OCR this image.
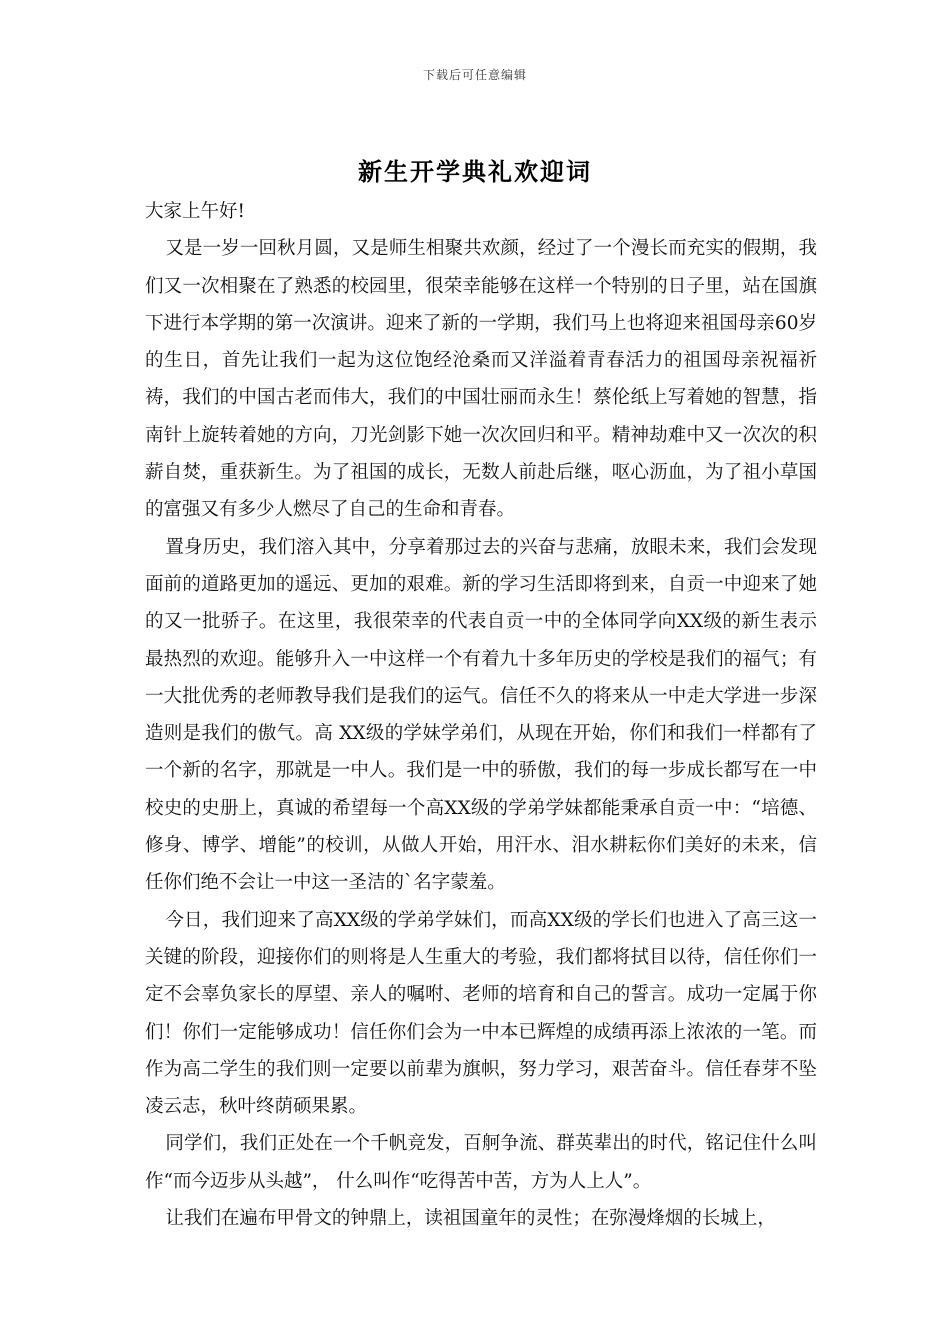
下载后可任意编辑
新生开学典礼欢迎词

大家上午好!

又是一岁一回秋月圆，又是师生相聚共欢颜，经过了一个漫长而充实的假期，我们又一次相聚在了熟悉的校园里，很荣幸能够在这样一个特别的日子里，站在国旗下进行本学期的第一次演讲。迎来了新的一学期，我们马上也将迎来祖国母亲60岁的生日，首先让我们一起为这位饱经沧桑而又洋溢着青春活力的祖国母亲祝福祈祷，我们的中国古老而伟大，我们的中国壮丽而永生！蔡伦纸上写着她的智慧，指南针上旋转着她的方向，刀光剑影下她一次次回归和平。精神劫难中又一次次的积薪自焚，重获新生。为了祖国的成长，无数人前赴后继，呕心沥血，为了祖小草国的富强又有多少人燃尽了自己的生命和青春。

置身历史，我们溶入其中，分享着那过去的兴奋与悲痛，放眼未来，我们会发现面前的道路更加的遥远、更加的艰难。新的学习生活即将到来，自贡一中迎来了她的又一批骄子。在这里，我很荣幸的代表自贡一中的全体同学向XX级的新生表示最热烈的欢迎。能够升入一中这样一个有着九十多年历史的学校是我们的福气；有一大批优秀的老师教导我们是我们的运气。信任不久的将来从一中走大学进一步深造则是我们的傲气。高 XX级的学妹学弟们，从现在开始，你们和我们一样都有了一个新的名字，那就是一中人。我们是一中的骄傲，我们的每一步成长都写在一中校史的史册上，真诚的希望每一个高XX级的学弟学妹都能秉承自贡一中：“培德、修身、博学、增能”的校训，从做人开始，用汗水、泪水耕耘你们美好的未来，信任你们绝不会让一中这一圣洁的`名字蒙羞。

今日，我们迎来了高XX级的学弟学妹们，而高XX级的学长们也进入了高三这一关键的阶段，迎接你们的则将是人生重大的考验，我们都将拭目以待，信任你们一定不会辜负家长的厚望、亲人的嘱咐、老师的培育和自己的誓言。成功一定属于你们！你们一定能够成功！信任你们会为一中本已辉煌的成绩再添上浓浓的一笔。而作为高二学生的我们则一定要以前辈为旗帜，努力学习，艰苦奋斗。信任春芽不坠凌云志，秋叶终荫硕果累。

同学们，我们正处在一个千帆竞发，百舸争流、群英辈出的时代，铭记住什么叫作“而今迈步从头越”， 什么叫作“吃得苦中苦，方为人上人”。

让我们在遍布甲骨文的钟鼎上，读祖国童年的灵性；在弥漫烽烟的长城上，
